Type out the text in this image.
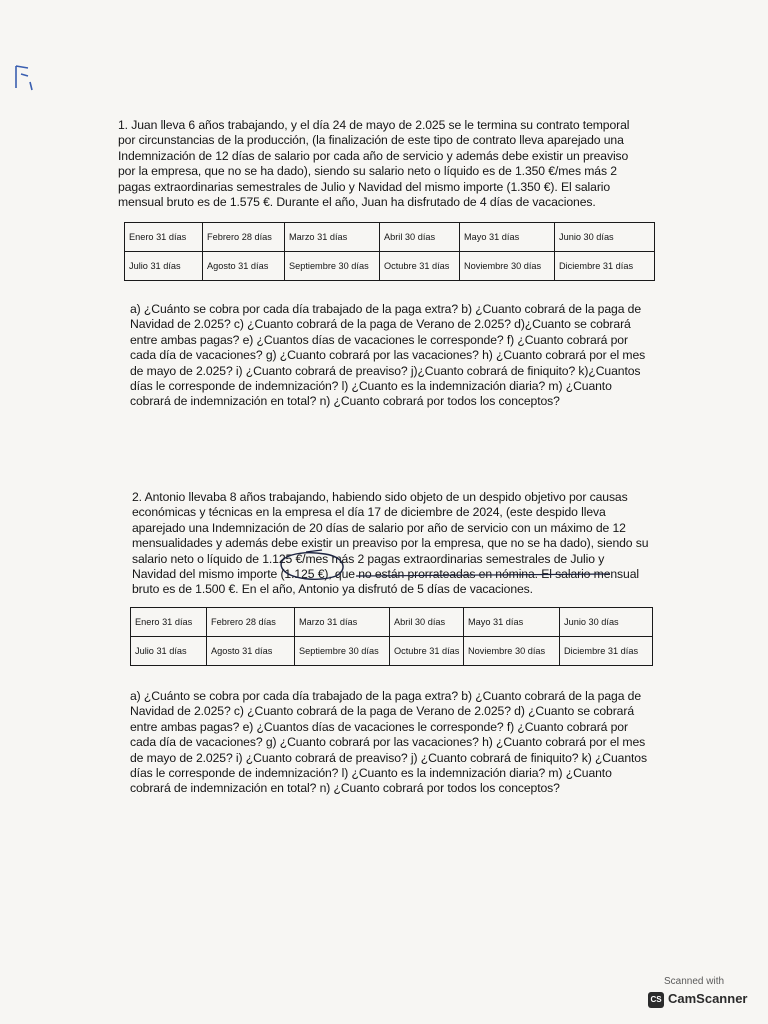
1. Juan lleva 6 años trabajando, y el día 24 de mayo de 2.025 se le termina su contrato temporal
por circunstancias de la producción, (la finalización de este tipo de contrato lleva aparejado una
Indemnización de 12 días de salario por cada año de servicio y además debe existir un preaviso
por la empresa, que no se ha dado), siendo su salario neto o líquido es de 1.350 €/mes más 2
pagas extraordinarias semestrales de Julio y Navidad del mismo importe (1.350 €). El salario
mensual bruto es de 1.575 €. Durante el año, Juan ha disfrutado de 4 días de vacaciones.

Enero 31 días	Febrero 28 días	Marzo 31 días	Abril 30 días	Mayo 31 días	Junio 30 días
Julio 31 días	Agosto 31 días	Septiembre 30 días	Octubre 31 días	Noviembre 30 días	Diciembre 31 días

a) ¿Cuánto se cobra por cada día trabajado de la paga extra? b) ¿Cuanto cobrará de la paga de
Navidad de 2.025? c) ¿Cuanto cobrará de la paga de Verano de 2.025? d)¿Cuanto se cobrará
entre ambas pagas? e) ¿Cuantos días de vacaciones le corresponde? f) ¿Cuanto cobrará por
cada día de vacaciones? g) ¿Cuanto cobrará por las vacaciones? h) ¿Cuanto cobrará por el mes
de mayo de 2.025? i) ¿Cuanto cobrará de preaviso? j)¿Cuanto cobrará de finiquito? k)¿Cuantos
días le corresponde de indemnización? l) ¿Cuanto es la indemnización diaria? m) ¿Cuanto
cobrará de indemnización en total? n) ¿Cuanto cobrará por todos los conceptos?

2. Antonio llevaba 8 años trabajando, habiendo sido objeto de un despido objetivo por causas
económicas y técnicas en la empresa el día 17 de diciembre de 2024, (este despido lleva
aparejado una Indemnización de 20 días de salario por año de servicio con un máximo de 12
mensualidades y además debe existir un preaviso por la empresa, que no se ha dado), siendo su
salario neto o líquido de 1.125 €/mes más 2 pagas extraordinarias semestrales de Julio y
Navidad del mismo importe (1.125 €), que no están prorrateadas en nómina. El salario mensual
bruto es de 1.500 €. En el año, Antonio ya disfrutó de 5 días de vacaciones.

Enero 31 días	Febrero 28 días	Marzo 31 días	Abril 30 días	Mayo 31 días	Junio 30 días
Julio 31 días	Agosto 31 días	Septiembre 30 días	Octubre 31 días	Noviembre 30 días	Diciembre 31 días

a) ¿Cuánto se cobra por cada día trabajado de la paga extra? b) ¿Cuanto cobrará de la paga de
Navidad de 2.025? c) ¿Cuanto cobrará de la paga de Verano de 2.025? d) ¿Cuanto se cobrará
entre ambas pagas? e) ¿Cuantos días de vacaciones le corresponde? f) ¿Cuanto cobrará por
cada día de vacaciones? g) ¿Cuanto cobrará por las vacaciones? h) ¿Cuanto cobrará por el mes
de mayo de 2.025? i) ¿Cuanto cobrará de preaviso? j) ¿Cuanto cobrará de finiquito? k) ¿Cuantos
días le corresponde de indemnización? l) ¿Cuanto es la indemnización diaria? m) ¿Cuanto
cobrará de indemnización en total? n) ¿Cuanto cobrará por todos los conceptos?

Scanned with
CS CamScanner
